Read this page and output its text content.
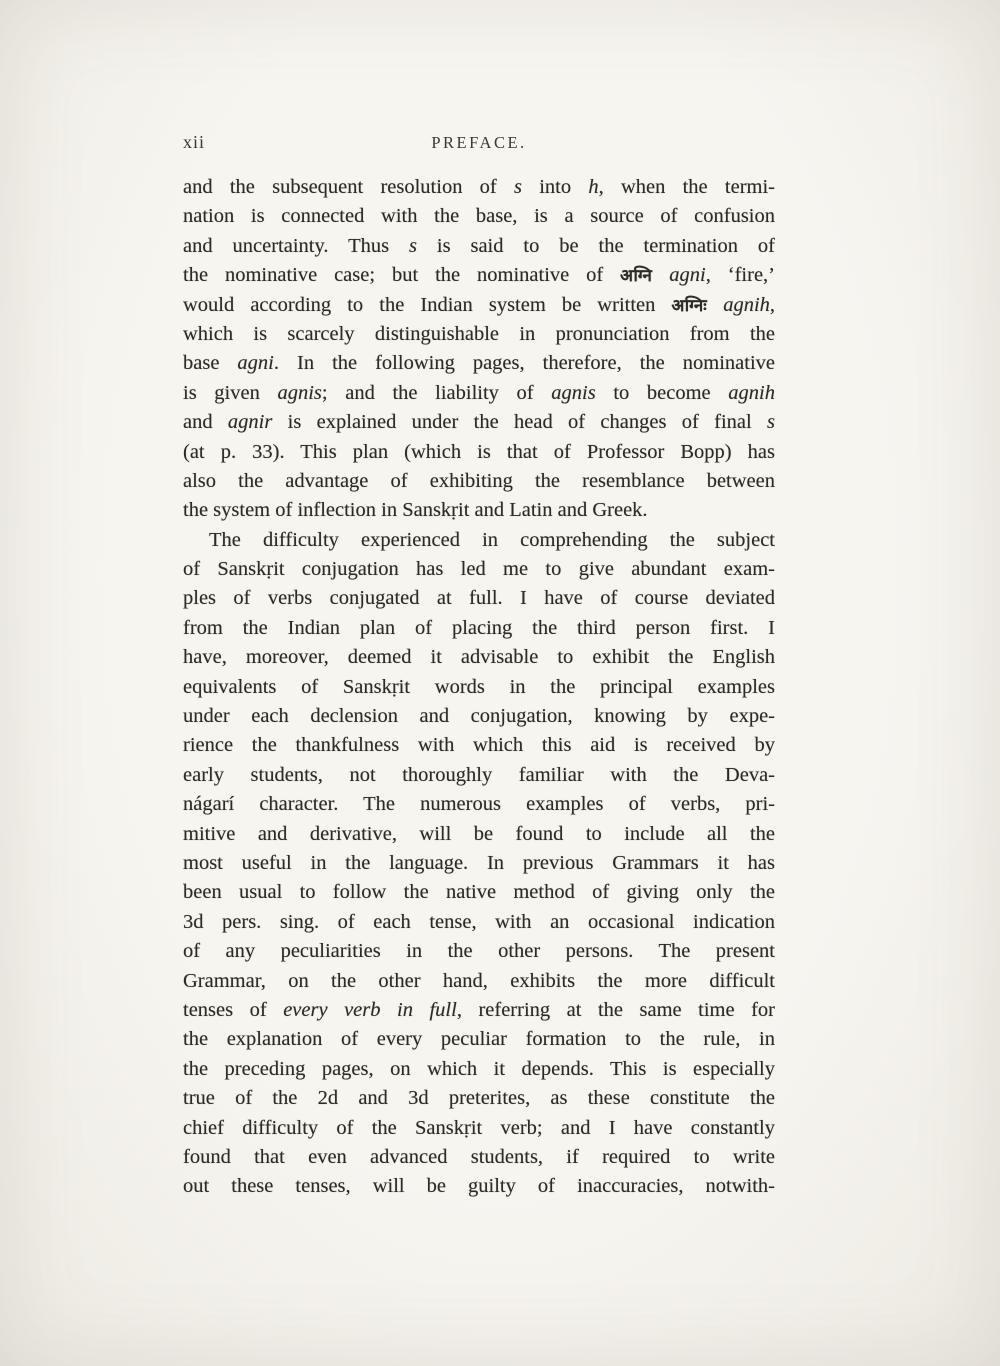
xii	PREFACE.
and the subsequent resolution of s into h, when the termi-
nation is connected with the base, is a source of confusion
and uncertainty. Thus s is said to be the termination of
the nominative case; but the nominative of अग्नि agni, ‘fire,’
would according to the Indian system be written अग्निः agnih,
which is scarcely distinguishable in pronunciation from the
base agni. In the following pages, therefore, the nominative
is given agnis; and the liability of agnis to become agnih
and agnir is explained under the head of changes of final s
(at p. 33). This plan (which is that of Professor Bopp) has
also the advantage of exhibiting the resemblance between
the system of inflection in Sanskṛit and Latin and Greek.
The difficulty experienced in comprehending the subject
of Sanskṛit conjugation has led me to give abundant exam-
ples of verbs conjugated at full. I have of course deviated
from the Indian plan of placing the third person first. I
have, moreover, deemed it advisable to exhibit the English
equivalents of Sanskṛit words in the principal examples
under each declension and conjugation, knowing by expe-
rience the thankfulness with which this aid is received by
early students, not thoroughly familiar with the Deva-
nágarí character. The numerous examples of verbs, pri-
mitive and derivative, will be found to include all the
most useful in the language. In previous Grammars it has
been usual to follow the native method of giving only the
3d pers. sing. of each tense, with an occasional indication
of any peculiarities in the other persons. The present
Grammar, on the other hand, exhibits the more difficult
tenses of every verb in full, referring at the same time for
the explanation of every peculiar formation to the rule, in
the preceding pages, on which it depends. This is especially
true of the 2d and 3d preterites, as these constitute the
chief difficulty of the Sanskṛit verb; and I have constantly
found that even advanced students, if required to write
out these tenses, will be guilty of inaccuracies, notwith-
